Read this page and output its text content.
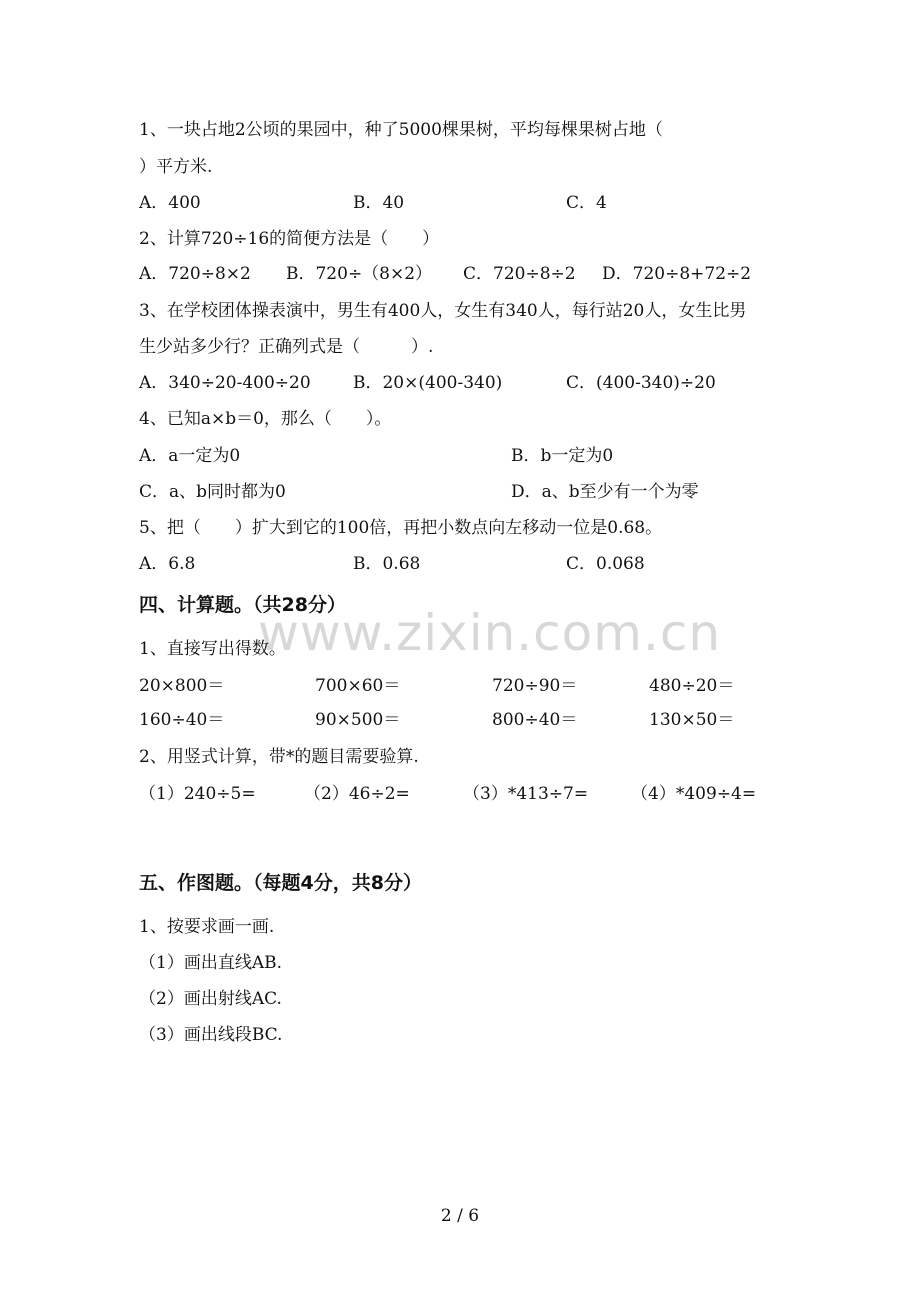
www.zixin.com.cn
1、一块占地2公顷的果园中，种了5000棵果树，平均每棵果树占地（
）平方米.
A．400	B．40	C．4
2、计算720÷16的简便方法是（　　）
A．720÷8×2 B．720÷（8×2） C．720÷8÷2 D．720÷8+72÷2
3、在学校团体操表演中，男生有400人，女生有340人，每行站20人，女生比男
生少站多少行？正确列式是（　　　）.
A．340÷20-400÷20 B．20×(400-340)	C．(400-340)÷20
4、已知a×b＝0，那么（　　）。
A．a一定为0	B．b一定为0
C．a、b同时都为0	D．a、b至少有一个为零
5、把（　　）扩大到它的100倍，再把小数点向左移动一位是0.68。
A．6.8	B．0.68	C．0.068
四、计算题。（共28分）
1、直接写出得数。
20×800＝	700×60＝	720÷90＝	480÷20＝
160÷40＝	90×500＝	800÷40＝	130×50＝
2、用竖式计算，带*的题目需要验算.
（1）240÷5=	（2）46÷2=	（3）*413÷7=	（4）*409÷4=
五、作图题。（每题4分，共8分）
1、按要求画一画.
（1）画出直线AB.
（2）画出射线AC.
（3）画出线段BC.
2 / 6
